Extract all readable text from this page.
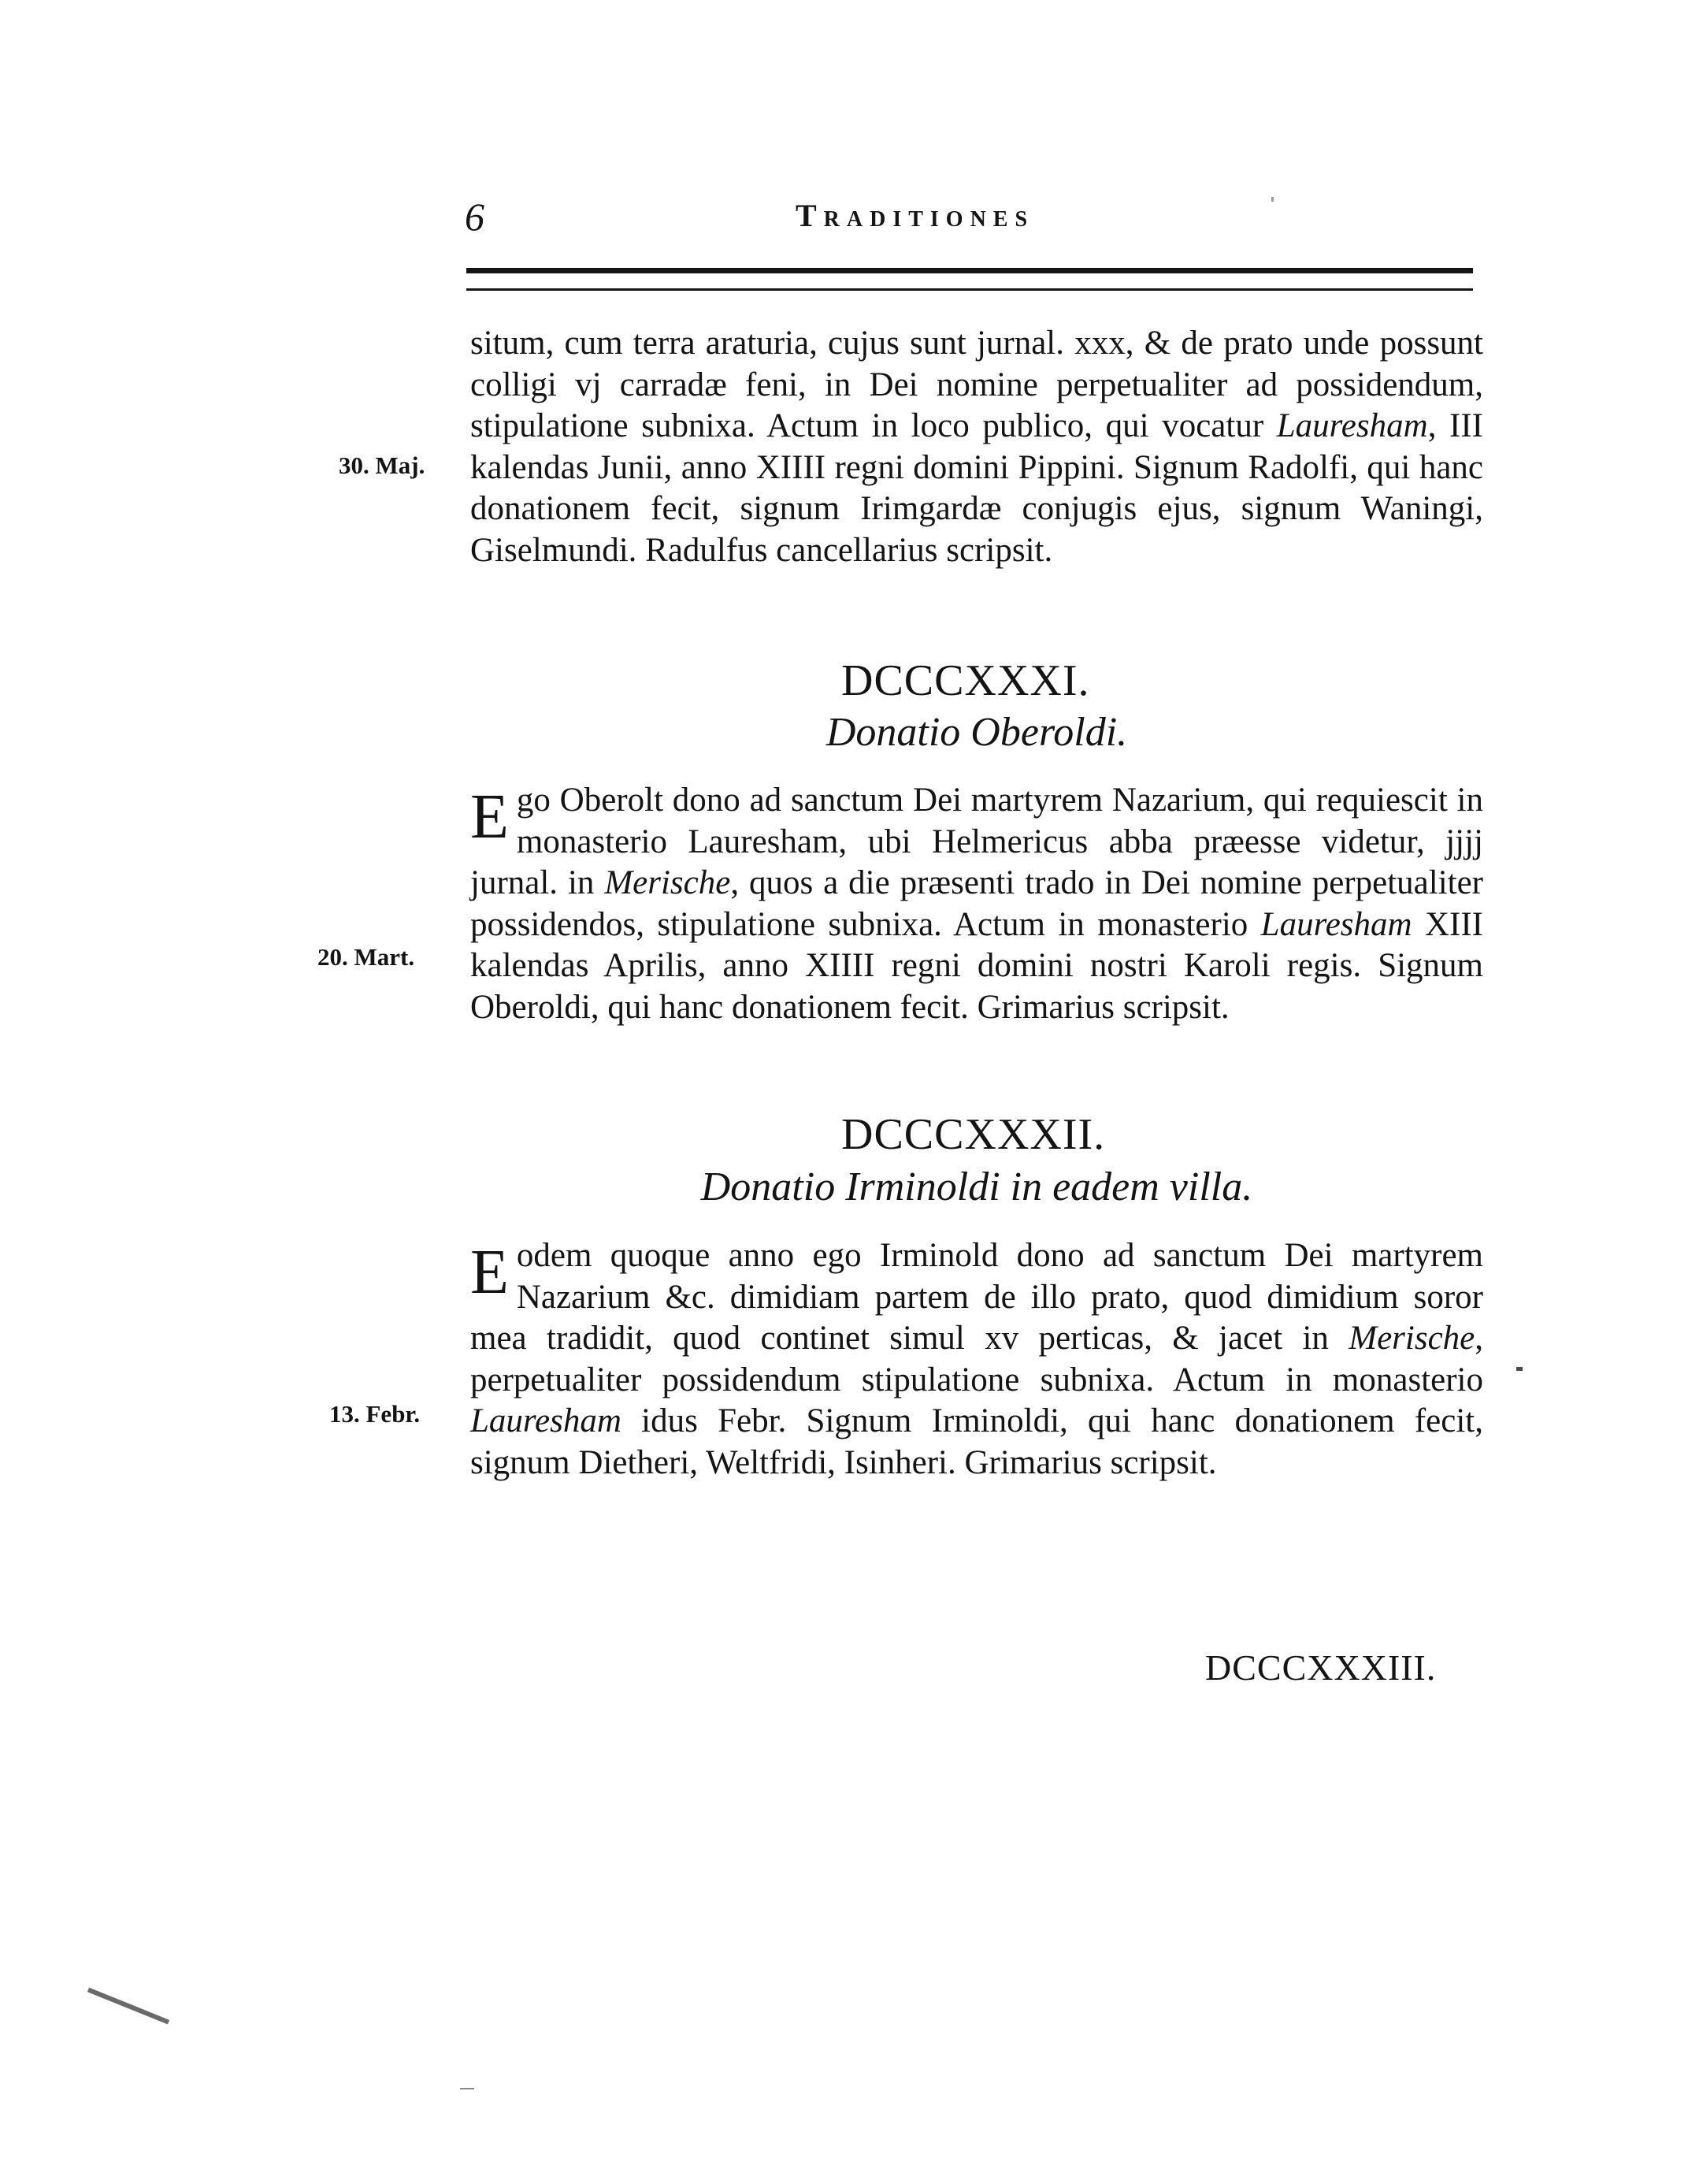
6	Traditiones
30. Maj.
situm, cum terra araturia, cujus sunt jurnal. xxx, & de prato unde possunt colligi vj carradæ feni, in Dei nomine perpetualiter ad possidendum, stipulatione subnixa. Actum in loco publico, qui vocatur Lauresham, III kalendas Junii, anno XIIII regni domini Pippini. Signum Radolfi, qui hanc donationem fecit, signum Irimgardæ conjugis ejus, signum Waningi, Giselmundi. Radulfus cancellarius scripsit.
DCCCXXXI.
Donatio Oberoldi.
20. Mart.
Ego Oberolt dono ad sanctum Dei martyrem Nazarium, qui requiescit in monasterio Lauresham, ubi Helmericus abba præesse videtur, jjjj jurnal. in Merische, quos a die præsenti trado in Dei nomine perpetualiter possidendos, stipulatione subnixa. Actum in monasterio Lauresham XIII kalendas Aprilis, anno XIIII regni domini nostri Karoli regis. Signum Oberoldi, qui hanc donationem fecit. Grimarius scripsit.
DCCCXXXII.
Donatio Irminoldi in eadem villa.
13. Febr.
Eodem quoque anno ego Irminold dono ad sanctum Dei martyrem Nazarium &c. dimidiam partem de illo prato, quod dimidium soror mea tradidit, quod continet simul xv perticas, & jacet in Merische, perpetualiter possidendum stipulatione subnixa. Actum in monasterio Lauresham idus Febr. Signum Irminoldi, qui hanc donationem fecit, signum Dietheri, Weltfridi, Isinheri. Grimarius scripsit.
DCCCXXXIII.
